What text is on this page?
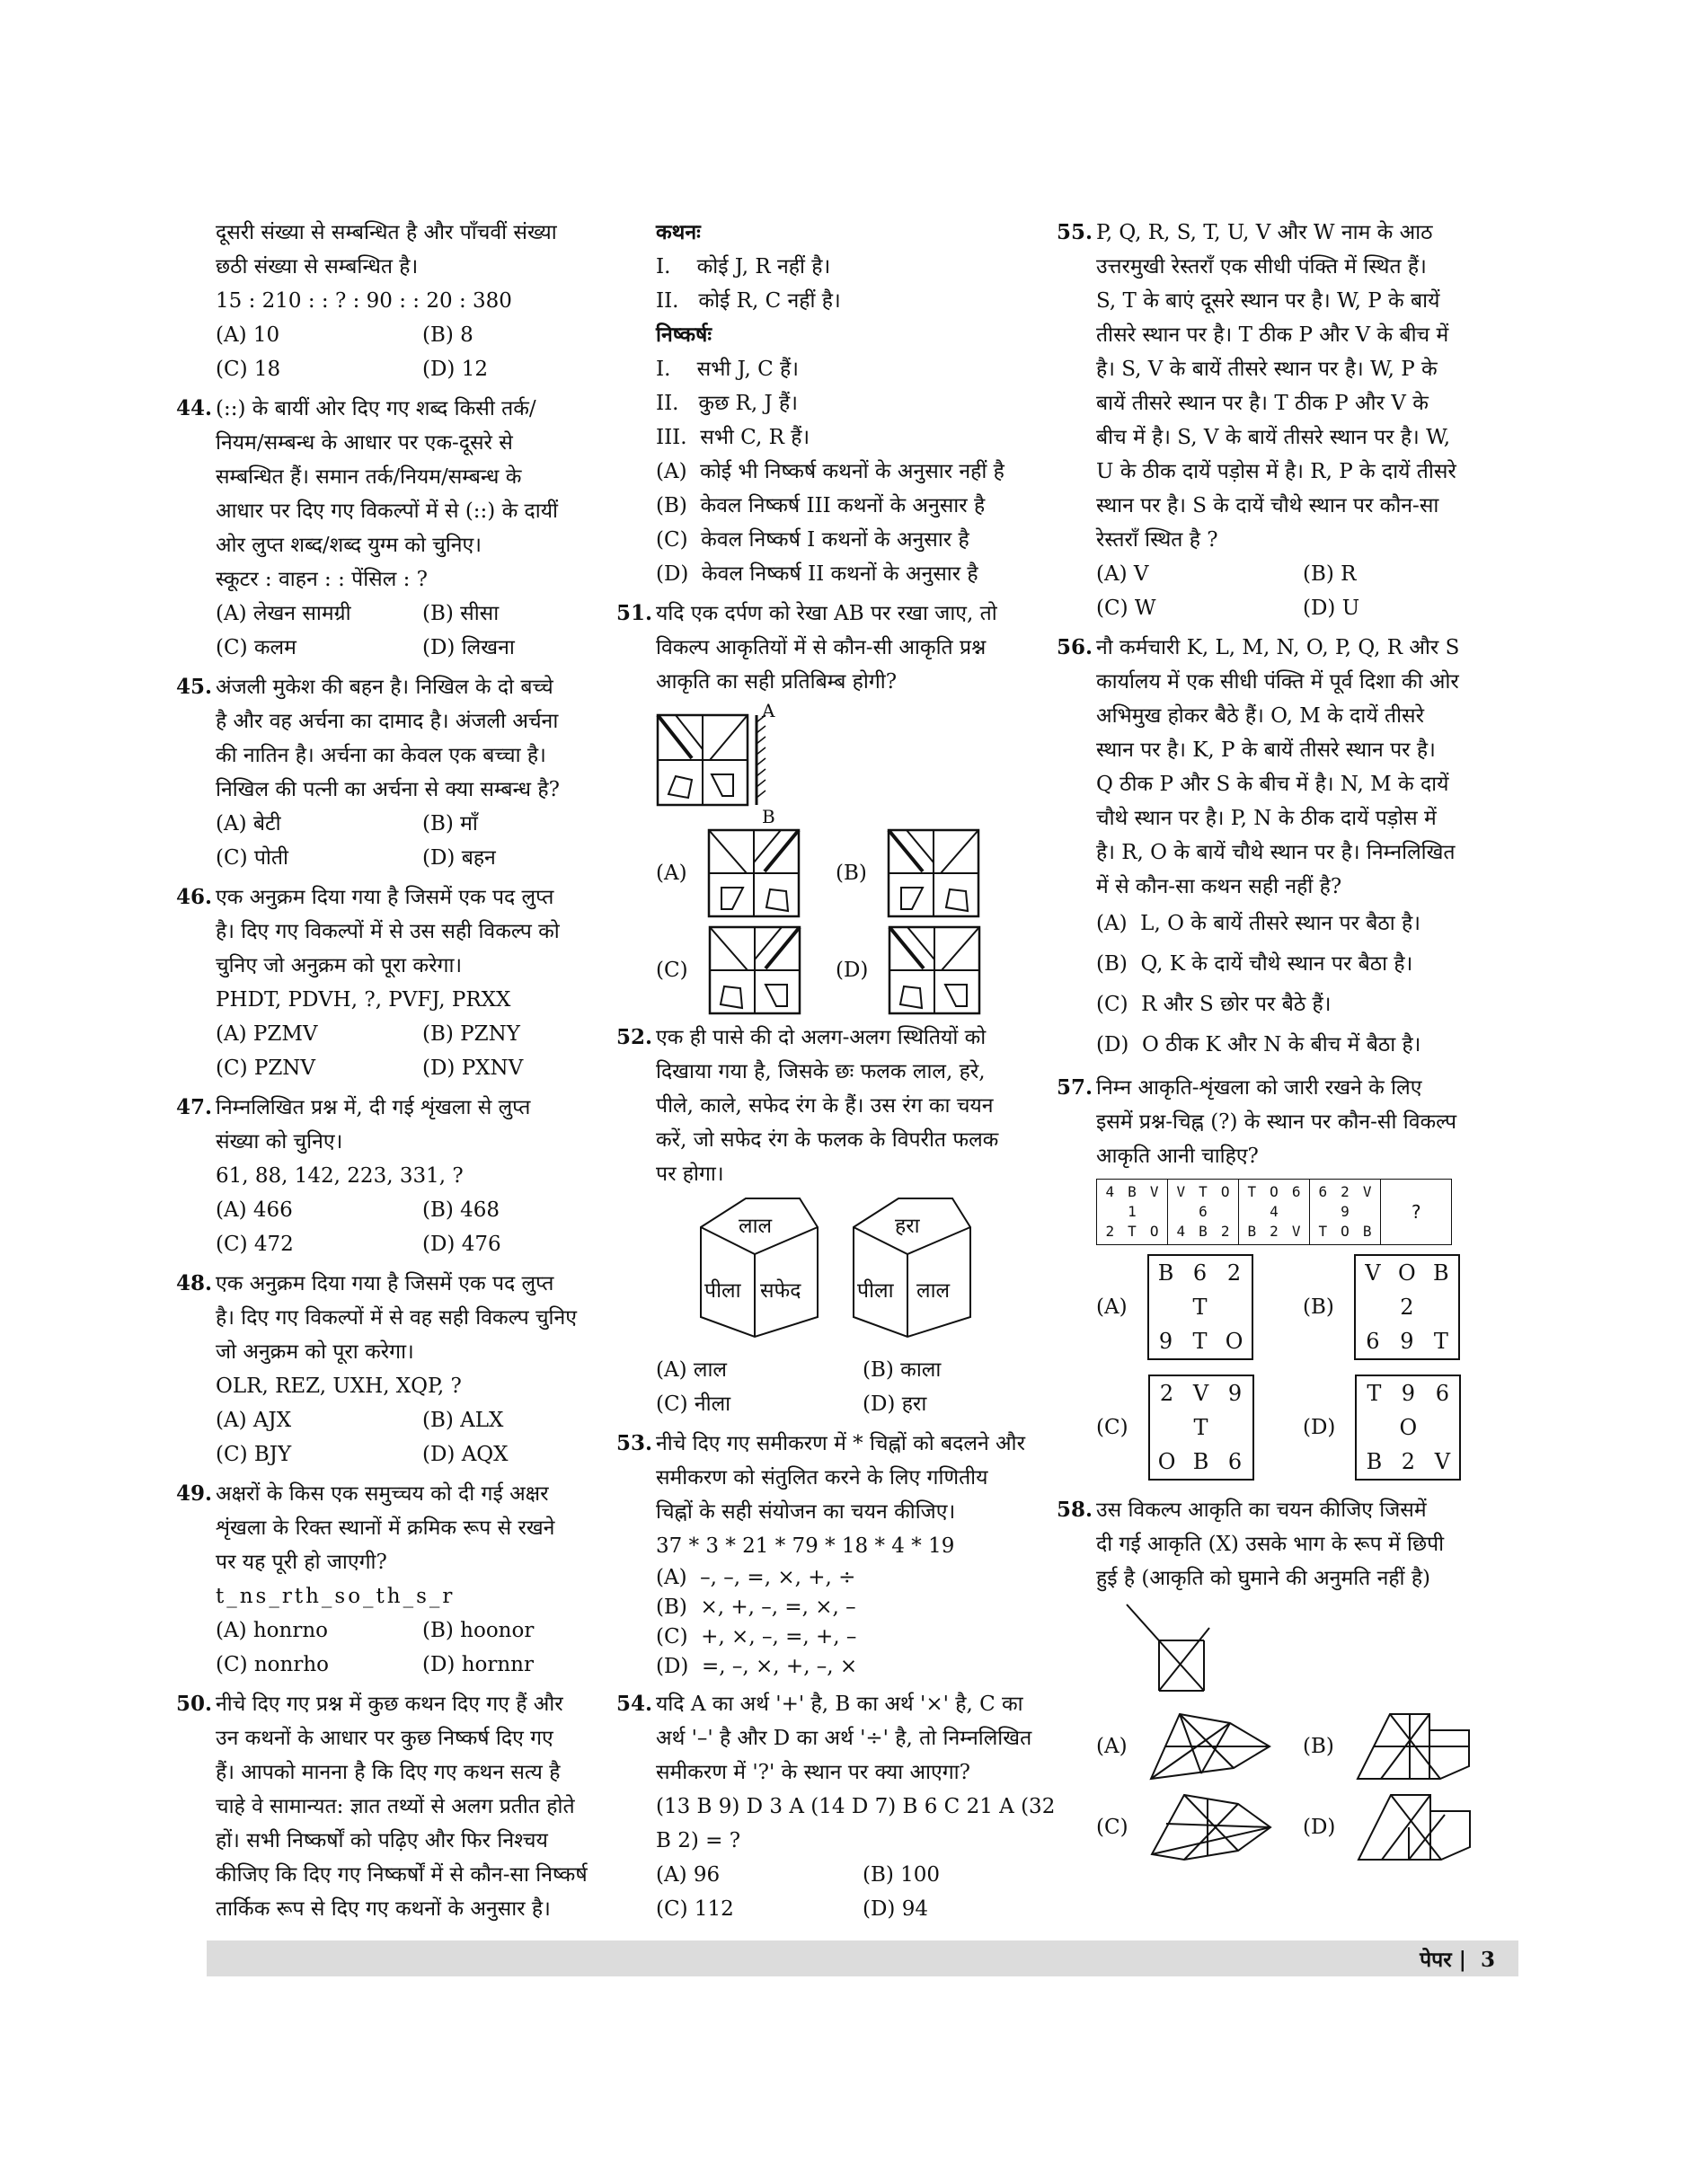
दूसरी संख्या से सम्बन्धित है और पाँचवीं संख्या
छठी संख्या से सम्बन्धित है।
15 : 210 : : ? : 90 : : 20 : 380
(A) 10	(B) 8
(C) 18	(D) 12
44. (::) के बायीं ओर दिए गए शब्द किसी तर्क/
नियम/सम्बन्ध के आधार पर एक-दूसरे से
सम्बन्धित हैं। समान तर्क/नियम/सम्बन्ध के
आधार पर दिए गए विकल्पों में से (::) के दायीं
ओर लुप्त शब्द/शब्द युग्म को चुनिए।
स्कूटर : वाहन : : पेंसिल : ?
(A) लेखन सामग्री	(B) सीसा
(C) कलम	(D) लिखना
45. अंजली मुकेश की बहन है। निखिल के दो बच्चे
है और वह अर्चना का दामाद है। अंजली अर्चना
की नातिन है। अर्चना का केवल एक बच्चा है।
निखिल की पत्नी का अर्चना से क्या सम्बन्ध है?
(A) बेटी	(B) माँ
(C) पोती	(D) बहन
46. एक अनुक्रम दिया गया है जिसमें एक पद लुप्त
है। दिए गए विकल्पों में से उस सही विकल्प को
चुनिए जो अनुक्रम को पूरा करेगा।
PHDT, PDVH, ?, PVFJ, PRXX
(A) PZMV	(B) PZNY
(C) PZNV	(D) PXNV
47. निम्नलिखित प्रश्न में, दी गई शृंखला से लुप्त
संख्या को चुनिए।
61, 88, 142, 223, 331, ?
(A) 466	(B) 468
(C) 472	(D) 476
48. एक अनुक्रम दिया गया है जिसमें एक पद लुप्त
है। दिए गए विकल्पों में से वह सही विकल्प चुनिए
जो अनुक्रम को पूरा करेगा।
OLR, REZ, UXH, XQP, ?
(A) AJX	(B) ALX
(C) BJY	(D) AQX
49. अक्षरों के किस एक समुच्चय को दी गई अक्षर
शृंखला के रिक्त स्थानों में क्रमिक रूप से रखने
पर यह पूरी हो जाएगी?
t_ns_rth_so_th_s_r
(A) honrno	(B) hoonor
(C) nonrho	(D) hornnr
50. नीचे दिए गए प्रश्न में कुछ कथन दिए गए हैं और
उन कथनों के आधार पर कुछ निष्कर्ष दिए गए
हैं। आपको मानना है कि दिए गए कथन सत्य है
चाहे वे सामान्यत: ज्ञात तथ्यों से अलग प्रतीत होते
हों। सभी निष्कर्षों को पढ़िए और फिर निश्चय
कीजिए कि दिए गए निष्कर्षों में से कौन-सा निष्कर्ष
तार्किक रूप से दिए गए कथनों के अनुसार है।
कथनः
I.    कोई J, R नहीं है।
II.   कोई R, C नहीं है।
निष्कर्षः
I.    सभी J, C हैं।
II.   कुछ R, J हैं।
III.  सभी C, R हैं।
(A)  कोई भी निष्कर्ष कथनों के अनुसार नहीं है
(B)  केवल निष्कर्ष III कथनों के अनुसार है
(C)  केवल निष्कर्ष I कथनों के अनुसार है
(D)  केवल निष्कर्ष II कथनों के अनुसार है
51. यदि एक दर्पण को रेखा AB पर रखा जाए, तो
विकल्प आकृतियों में से कौन-सी आकृति प्रश्न
आकृति का सही प्रतिबिम्ब होगी?
A
B
(A)	(B)
(C)	(D)
52. एक ही पासे की दो अलग-अलग स्थितियों को
दिखाया गया है, जिसके छः फलक लाल, हरे,
पीले, काले, सफेद रंग के हैं। उस रंग का चयन
करें, जो सफेद रंग के फलक के विपरीत फलक
पर होगा।
लाल
पीला सफेद
हरा
पीला लाल
(A) लाल	(B) काला
(C) नीला	(D) हरा
53. नीचे दिए गए समीकरण में * चिह्नों को बदलने और
समीकरण को संतुलित करने के लिए गणितीय
चिह्नों के सही संयोजन का चयन कीजिए।
37 * 3 * 21 * 79 * 18 * 4 * 19
(A)  –, –, =, ×, +, ÷
(B)  ×, +, –, =, ×, –
(C)  +, ×, –, =, +, –
(D)  =, –, ×, +, –, ×
54. यदि A का अर्थ '+' है, B का अर्थ '×' है, C का
अर्थ '–' है और D का अर्थ '÷' है, तो निम्नलिखित
समीकरण में '?' के स्थान पर क्या आएगा?
(13 B 9) D 3 A (14 D 7) B 6 C 21 A (32
B 2) = ?
(A) 96	(B) 100
(C) 112	(D) 94
55. P, Q, R, S, T, U, V और W नाम के आठ
उत्तरमुखी रेस्तराँ एक सीधी पंक्ति में स्थित हैं।
S, T के बाएं दूसरे स्थान पर है। W, P के बायें
तीसरे स्थान पर है। T ठीक P और V के बीच में
है। S, V के बायें तीसरे स्थान पर है। W, P के
बायें तीसरे स्थान पर है। T ठीक P और V के
बीच में है। S, V के बायें तीसरे स्थान पर है। W,
U के ठीक दायें पड़ोस में है। R, P के दायें तीसरे
स्थान पर है। S के दायें चौथे स्थान पर कौन-सा
रेस्तराँ स्थित है ?
(A) V	(B) R
(C) W	(D) U
56. नौ कर्मचारी K, L, M, N, O, P, Q, R और S
कार्यालय में एक सीधी पंक्ति में पूर्व दिशा की ओर
अभिमुख होकर बैठे हैं। O, M के दायें तीसरे
स्थान पर है। K, P के बायें तीसरे स्थान पर है।
Q ठीक P और S के बीच में है। N, M के दायें
चौथे स्थान पर है। P, N के ठीक दायें पड़ोस में
है। R, O के बायें चौथे स्थान पर है। निम्नलिखित
में से कौन-सा कथन सही नहीं है?
(A)  L, O के बायें तीसरे स्थान पर बैठा है।
(B)  Q, K के दायें चौथे स्थान पर बैठा है।
(C)  R और S छोर पर बैठे हैं।
(D)  O ठीक K और N के बीच में बैठा है।
57. निम्न आकृति-शृंखला को जारी रखने के लिए
इसमें प्रश्न-चिह्न (?) के स्थान पर कौन-सी विकल्प
आकृति आनी चाहिए?
4 B V
1
2 T O

V T O
6
4 B 2

T O 6
4
B 2 V

6 2 V
9
T O B
	?
(A)
B 6 2
T
9 T O
(B)
V O B
2
6 9 T
(C)
2 V 9
T
O B 6
(D)
T 9 6
O
B 2 V
58. उस विकल्प आकृति का चयन कीजिए जिसमें
दी गई आकृति (X) उसके भाग के रूप में छिपी
हुई है (आकृति को घुमाने की अनुमति नहीं है)
(A)	(B)
(C)	(D)
पेपर |  3
